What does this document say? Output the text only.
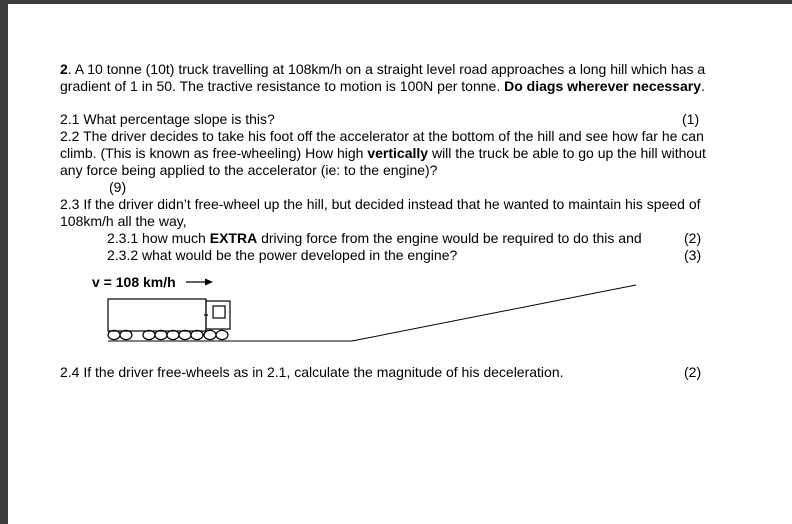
2. A 10 tonne (10t) truck travelling at 108km/h on a straight level road approaches a long hill which has a

gradient of 1 in 50. The tractive resistance to motion is 100N per tonne. Do diags wherever necessary.

2.1 What percentage slope is this?	(1)

2.2 The driver decides to take his foot off the accelerator at the bottom of the hill and see how far he can

climb. (This is known as free-wheeling) How high vertically will the truck be able to go up the hill without

any force being applied to the accelerator (ie: to the engine)?

(9)

2.3 If the driver didn’t free-wheel up the hill, but decided instead that he wanted to maintain his speed of

108km/h all the way,

2.3.1 how much EXTRA driving force from the engine would be required to do this and	(2)

2.3.2 what would be the power developed in the engine?	(3)

v = 108 km/h

2.4 If the driver free-wheels as in 2.1, calculate the magnitude of his deceleration.	(2)
